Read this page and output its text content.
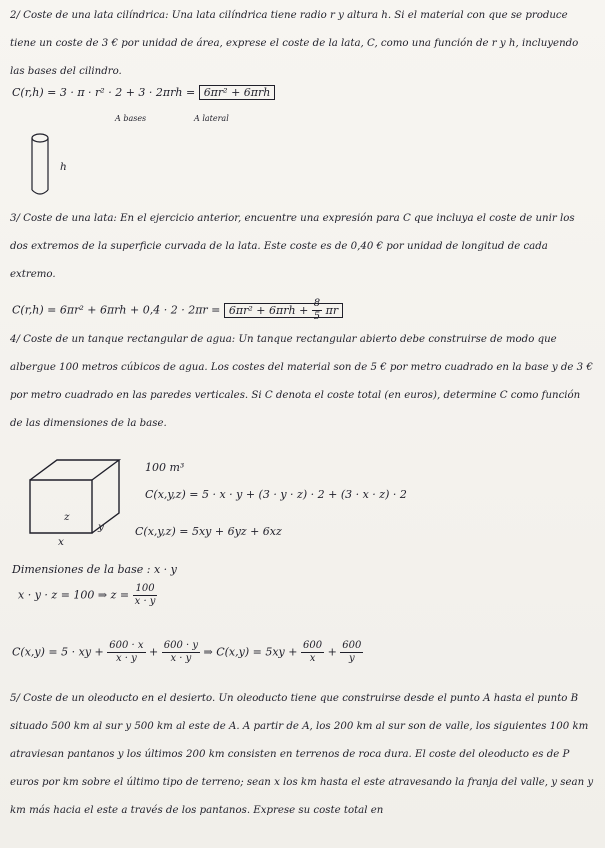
2/ Coste de una lata cilíndrica: Una lata cilíndrica tiene radio r y altura h. Si el material con que se produce tiene un coste de 3 € por unidad de área, exprese el coste de la lata, C, como una función de r y h, incluyendo las bases del cilindro.
C(r,h) = 3 · π · r² · 2 + 3 · 2πrh = 6πr² + 6πrh
A bases	A lateral
h
3/ Coste de una lata: En el ejercicio anterior, encuentre una expresión para C que incluya el coste de unir los dos extremos de la superficie curvada de la lata. Este coste es de 0,40 € por unidad de longitud de cada extremo.
$C(r,h) = 6\pi r^2 + 6\pi rh + 0,4 \cdot 2 \cdot 2\pi r = 6\pi r^2 + 6\pi rh + \frac{8}{5}$ πr
4/ Coste de un tanque rectangular de agua: Un tanque rectangular abierto debe construirse de modo que albergue 100 metros cúbicos de agua. Los costes del material son de 5 € por metro cuadrado en la base y de 3 € por metro cuadrado en las paredes verticales. Si C denota el coste total (en euros), determine C como función de las dimensiones de la base.
z
y
x
100 m³
C(x,y,z) = 5 · x · y + (3 · y · z) · 2 + (3 · x · z) · 2
C(x,y,z) = 5xy + 6yz + 6xz
Dimensiones de la base : x · y
x · y · z = 100 ⇒ $z = \frac{100}{x \cdot y}$
C(x,y) = 5 · xy + $\frac{600 \cdot x}{x \cdot y} + \frac{600 \cdot y}{x \cdot y}$ ⇒ $C(x,y) = 5xy + \frac{600}{x} + \frac{600}{y}$
5/ Coste de un oleoducto en el desierto. Un oleoducto tiene que construirse desde el punto A hasta el punto B situado 500 km al sur y 500 km al este de A. A partir de A, los 200 km al sur son de valle, los siguientes 100 km atraviesan pantanos y los últimos 200 km consisten en terrenos de roca dura. El coste del oleoducto es de P euros por km sobre el último tipo de terreno; sean x los km hasta el este atravesando la franja del valle, y sean y km más hacia el este a través de los pantanos. Exprese su coste total en
